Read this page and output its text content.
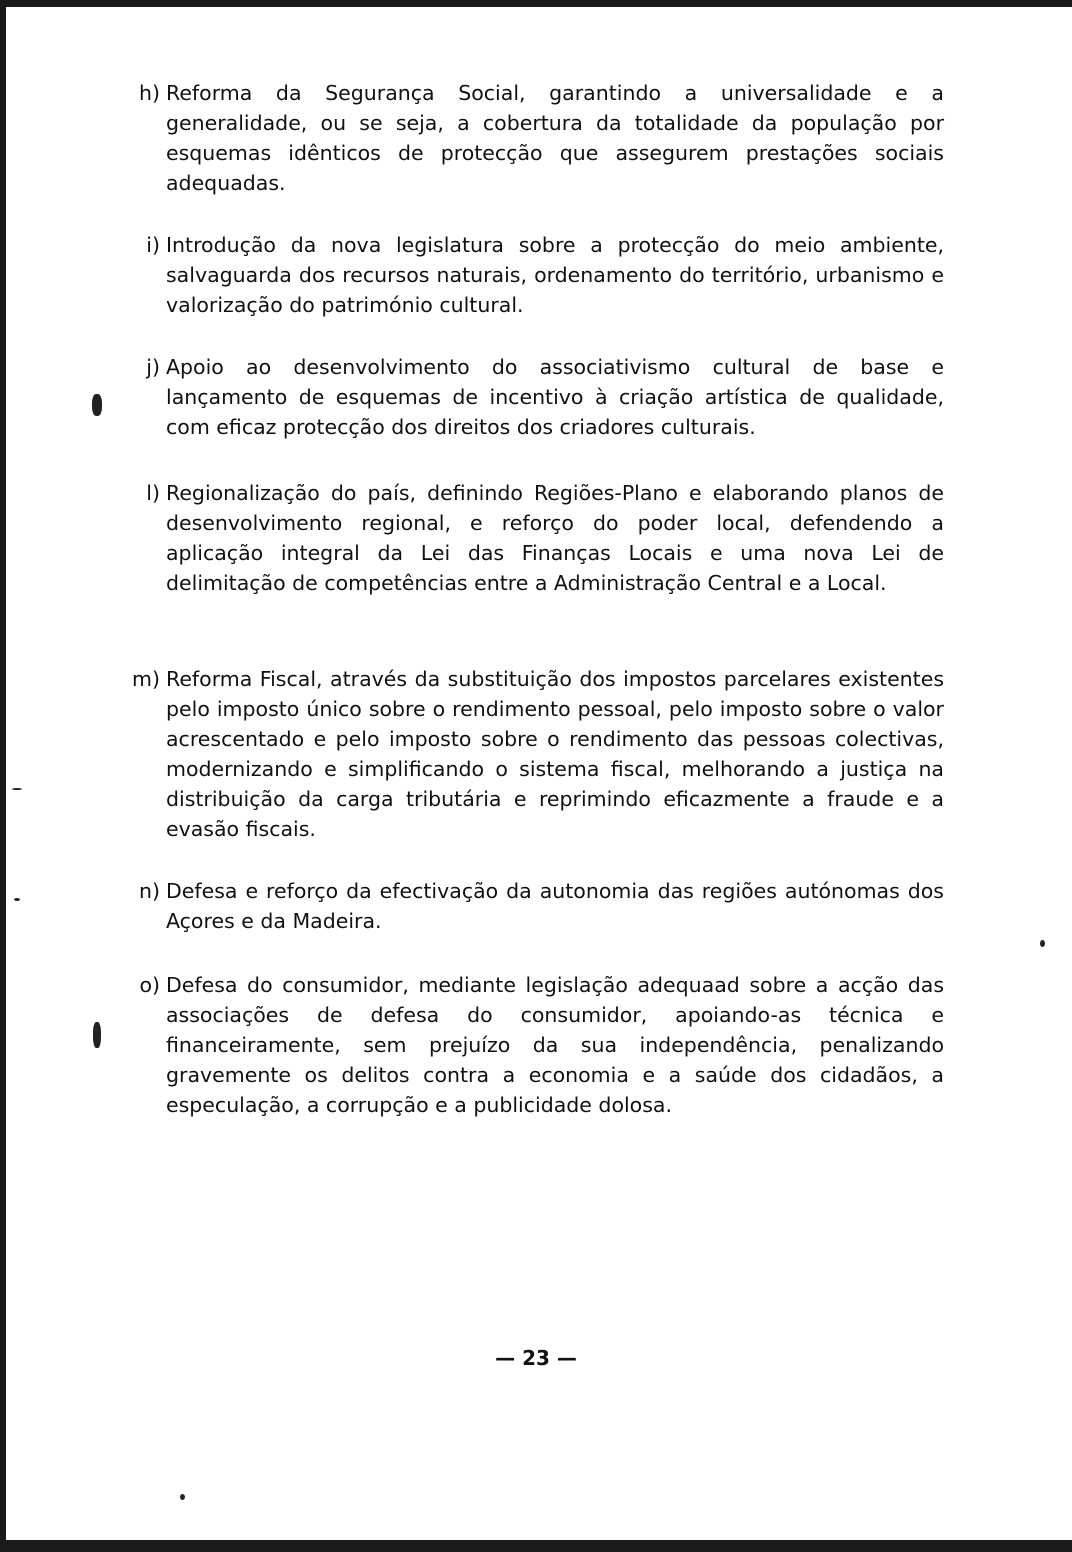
h) Reforma da Segurança Social, garantindo a universalidade e a generalidade, ou se seja, a cobertura da totalidade da população por esquemas idênticos de protecção que assegurem prestações sociais adequadas.
i) Introdução da nova legislatura sobre a protecção do meio ambiente, salvaguarda dos recursos naturais, ordenamento do território, urbanismo e valorização do património cultural.
j) Apoio ao desenvolvimento do associativismo cultural de base e lançamento de esquemas de incentivo à criação artística de qualidade, com eficaz protecção dos direitos dos criadores culturais.
l) Regionalização do país, definindo Regiões-Plano e elaborando planos de desenvolvimento regional, e reforço do poder local, defendendo a aplicação integral da Lei das Finanças Locais e uma nova Lei de delimitação de competências entre a Administração Central e a Local.
m) Reforma Fiscal, através da substituição dos impostos parcelares existentes pelo imposto único sobre o rendimento pessoal, pelo imposto sobre o valor acrescentado e pelo imposto sobre o rendimento das pessoas colectivas, modernizando e simplificando o sistema fiscal, melhorando a justiça na distribuição da carga tributária e reprimindo eficazmente a fraude e a evasão fiscais.
n) Defesa e reforço da efectivação da autonomia das regiões autónomas dos Açores e da Madeira.
o) Defesa do consumidor, mediante legislação adequaad sobre a acção das associações de defesa do consumidor, apoiando-as técnica e financeiramente, sem prejuízo da sua independência, penalizando gravemente os delitos contra a economia e a saúde dos cidadãos, a especulação, a corrupção e a publicidade dolosa.
— 23 —
